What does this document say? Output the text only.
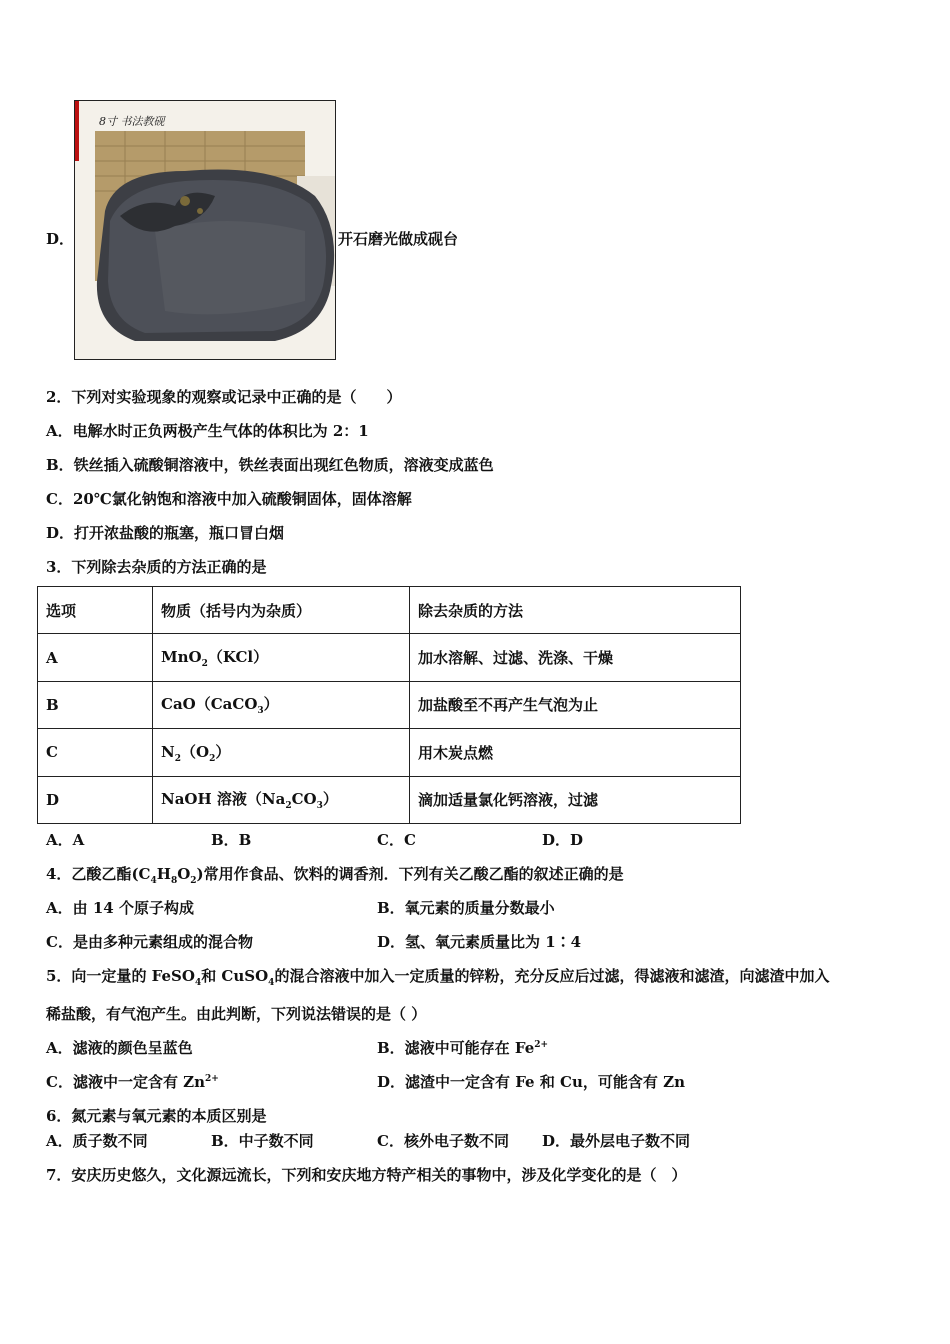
D．
8寸 书法教砚
开石磨光做成砚台
2．下列对实验现象的观察或记录中正确的是（　　）
A．电解水时正负两极产生气体的体积比为 2：1
B．铁丝插入硫酸铜溶液中，铁丝表面出现红色物质，溶液变成蓝色
C．20℃氯化钠饱和溶液中加入硫酸铜固体，固体溶解
D．打开浓盐酸的瓶塞，瓶口冒白烟
3．下列除去杂质的方法正确的是
选项	物质（括号内为杂质）	除去杂质的方法
A	MnO$_2$（KCl）	加水溶解、过滤、洗涤、干燥
B	CaO（CaCO$_3$）	加盐酸至不再产生气泡为止
C	$N_2(O_2)$	用木炭点燃
D	NaOH 溶液$(Na_2CO_3)$	滴加适量氯化钙溶液，过滤
A．A	B．B	C．C	D．D
4．乙酸乙酯$(C_4H_8O_2)$常用作食品、饮料的调香剂．下列有关乙酸乙酯的叙述正确的是
A．由 14 个原子构成	B．氧元素的质量分数最小
C．是由多种元素组成的混合物	D．氢、氧元素质量比为 1∶4
5．向一定量的 FeSO$_4$和 CuSO$_4$的混合溶液中加入一定质量的锌粉，充分反应后过滤，得滤液和滤渣，向滤渣中加入
稀盐酸，有气泡产生。由此判断，下列说法错误的是（ ）
A．滤液的颜色呈蓝色	B．滤液中可能存在 $Fe^{2+}$
C．滤液中一定含有 $Zn^{2+}$	D．滤渣中一定含有 Fe 和 Cu，可能含有 Zn
6．氮元素与氧元素的本质区别是
A．质子数不同	B．中子数不同	C．核外电子数不同 D．最外层电子数不同
7．安庆历史悠久，文化源远流长，下列和安庆地方特产相关的事物中，涉及化学变化的是（　）
